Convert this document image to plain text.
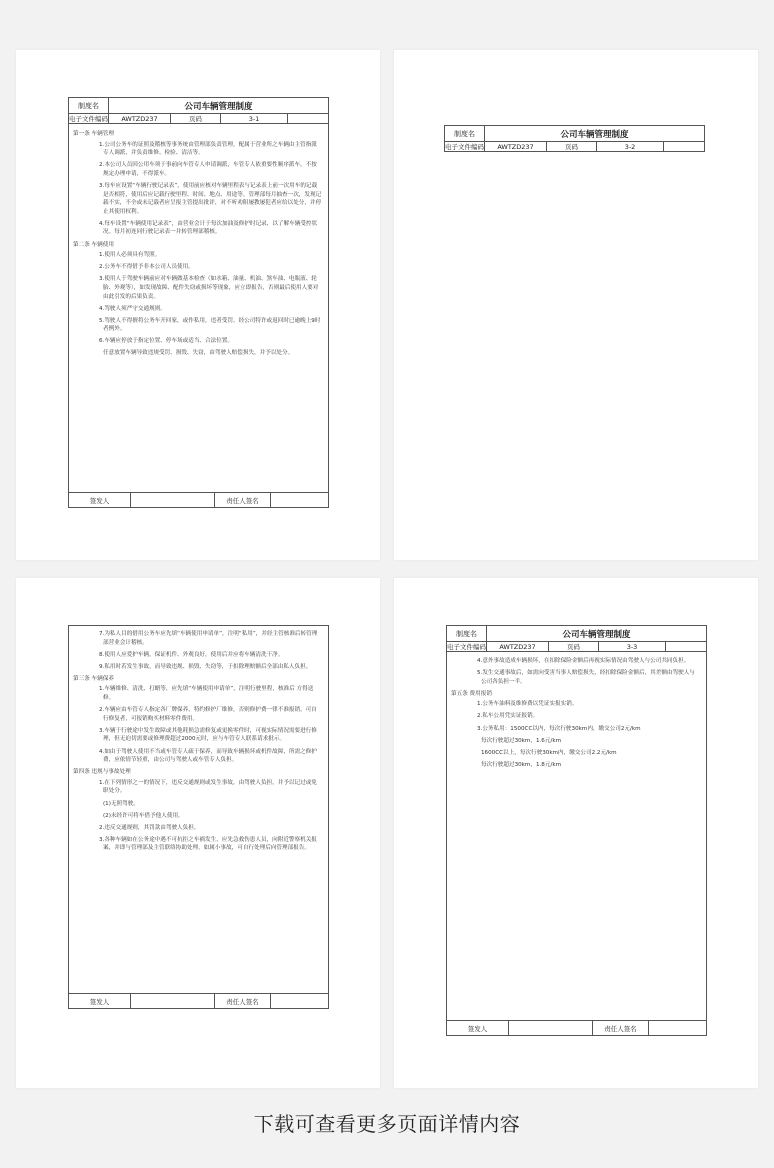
制度名	公司车辆管理制度
电子文件编码	AWTZD237	页码	3-1
第一条 车辆管理
1.公司公务车的证照及稽核等事务统由管理部负责管理，配属于营业所之车辆由主管指派专人调派，并负责维修、检验、清洁等。
2.本公司人员因公用车须于事前向车管专人申请调派，车管专人依重要性顺序派车。不按规定办理申请，不得派车。
3.每车应设置“车辆行驶记录表”，使用前应核对车辆里程表与记录表上前一次用车的记载是否相符，使用后应记载行驶里程、时间、地点、用途等。管理部每月抽查一次，发现记载不实，不全或未记载者应呈报主管提出批评，对不听劝阻屡教屡犯者应给以处分，并停止其使用权利。
4.每车设置“车辆使用记录表”，由营业会计于每次加油及修护时记录，以了解车辆受控状况。每月初连同行驶记录表一并转管理部稽核。
第二条 车辆使用
1.使用人必须具有驾照。
2.公务车不得借予非本公司人员使用。
3.使用人于驾驶车辆前应对车辆做基本检查（如水箱、油量、机油、煞车油、电瓶液、轮胎、外观等），如发现故障、配件失窃或损坏等现象，应立即报告，否则最后使用人要对由此引发的后果负责。
4.驾驶人须严守交通规则。
5.驾驶人不得擅将公务车开回家，或作私用，违者受罚。经公司特许或返回时已逾晚上9时者例外。
6.车辆应停放于指定位置、停车场或适当、合法位置。
任意放置车辆导致违规受罚、损毁、失窃，由驾驶人赔偿损失，并予以处分。
签发人	责任人签名
制度名	公司车辆管理制度
电子文件编码	AWTZD237	页码	3-2
7.为私人目的借用公务车应先填“车辆使用申请单”，注明“私用”，并经主管核准后转管理部营业会计稽核。
8.使用人应爱护车辆，保证机件、外观良好，使用后并应将车辆清洗干净。
9.私用时若发生事故，而导致违规、损毁、失窃等，于扣除理赔额后全部由私人负担。
第三条 车辆保养
1.车辆维修、清洗、打蜡等，应先填“车辆使用申请单”，注明行驶里程，核准后 方得送修。
2.车辆应由车管专人指定各厂牌保养，特约修护厂维修，否则修护费一律不准报销。可自行修复者，可报销购买材料零件费用。
3.车辆于行驶途中发生故障或其他耗损急需修复或更换零件时，可视实际情况需要进行修理，但无迫切需要或修理费超过2000元时，应与车管专人联系请求批示。
4.如由于驾驶人使用不当或车管专人疏于保养，而导致车辆损坏或机件故障，所需之修护费，应依情节轻重，由公司与驾驶人或车管专人负担。
第四条 违规与事故处理
1.在下列情形之一的情况下，违反交通规则或发生事故，由驾驶人负担，并予以记过或免职处分。
(1)无照驾驶。
(2)未经许可将车借予他人使用。
2.违反交通规则，其罚款由驾驶人负担。
3.各种车辆如在公务途中遇不可抗拒之车祸发生，应先急救伤患人员，向附近警察机关报案，并即与管理部及主管联络协助处理。如属小事故，可自行处理后向管理部报告。
签发人	责任人签名
制度名	公司车辆管理制度
电子文件编码	AWTZD237	页码	3-3
4.意外事故造成车辆损坏，在扣除保险金额后再视实际情况由驾驶人与公司共同负担。
5.发生交通事故后，如需向受害当事人赔偿损失，经扣除保险金额后，其差额由驾驶人与公司各负担一半。
第五条 费用报销
1.公务车油料及维修费以凭证实报实销。
2.私车公用凭实证报销。
3.公务私用：1500CC以内，每次行驶30km内，缴交公司2元/km
每次行驶超过30km，1.6元/km
1600CC以上，每次行驶30km内，缴交公司2.2元/km
每次行驶超过30km，1.8元/km
签发人	责任人签名
下载可查看更多页面详情内容
